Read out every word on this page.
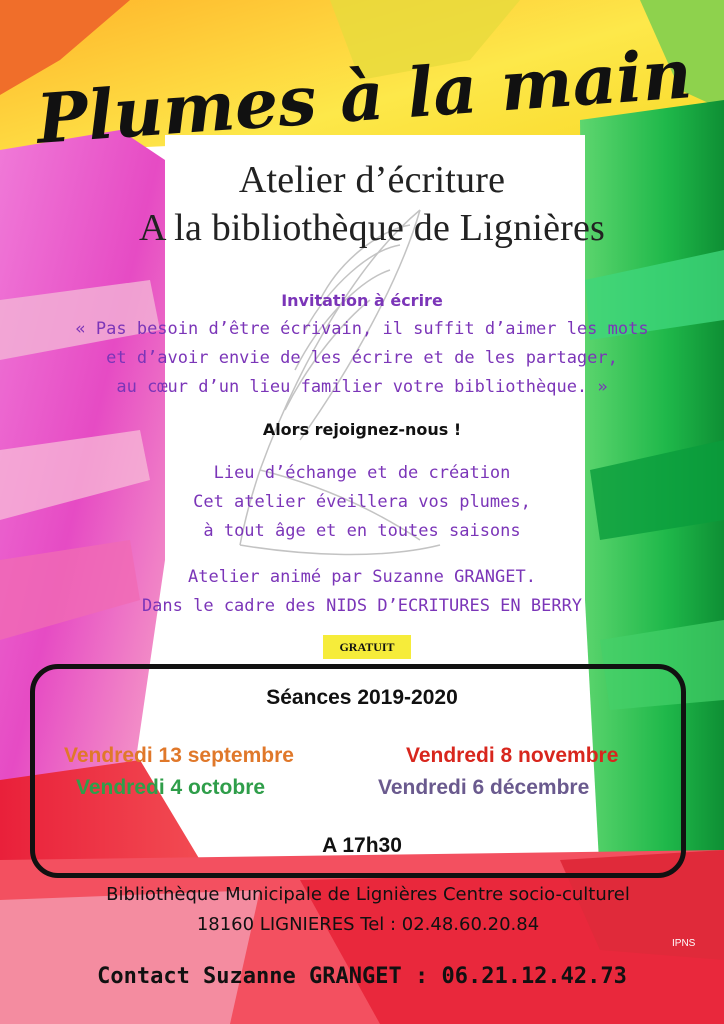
Plumes à la main
Atelier d’écriture
A la bibliothèque de Lignières
Invitation à écrire
« Pas besoin d’être écrivain, il suffit d’aimer les mots
et d’avoir envie de les écrire et de les partager,
au cœur d’un lieu familier votre bibliothèque. »
Alors rejoignez-nous !
Lieu d’échange et de création
Cet atelier éveillera vos plumes,
à tout âge et en toutes saisons
Atelier animé par Suzanne GRANGET.
Dans le cadre des NIDS D’ECRITURES EN BERRY
GRATUIT
Séances 2019-2020
Vendredi 13 septembre	Vendredi 8 novembre
Vendredi 4 octobre	Vendredi 6 décembre
A 17h30
Bibliothèque Municipale de Lignières Centre socio-culturel
18160 LIGNIERES Tel : 02.48.60.20.84
IPNS
Contact Suzanne GRANGET : 06.21.12.42.73
